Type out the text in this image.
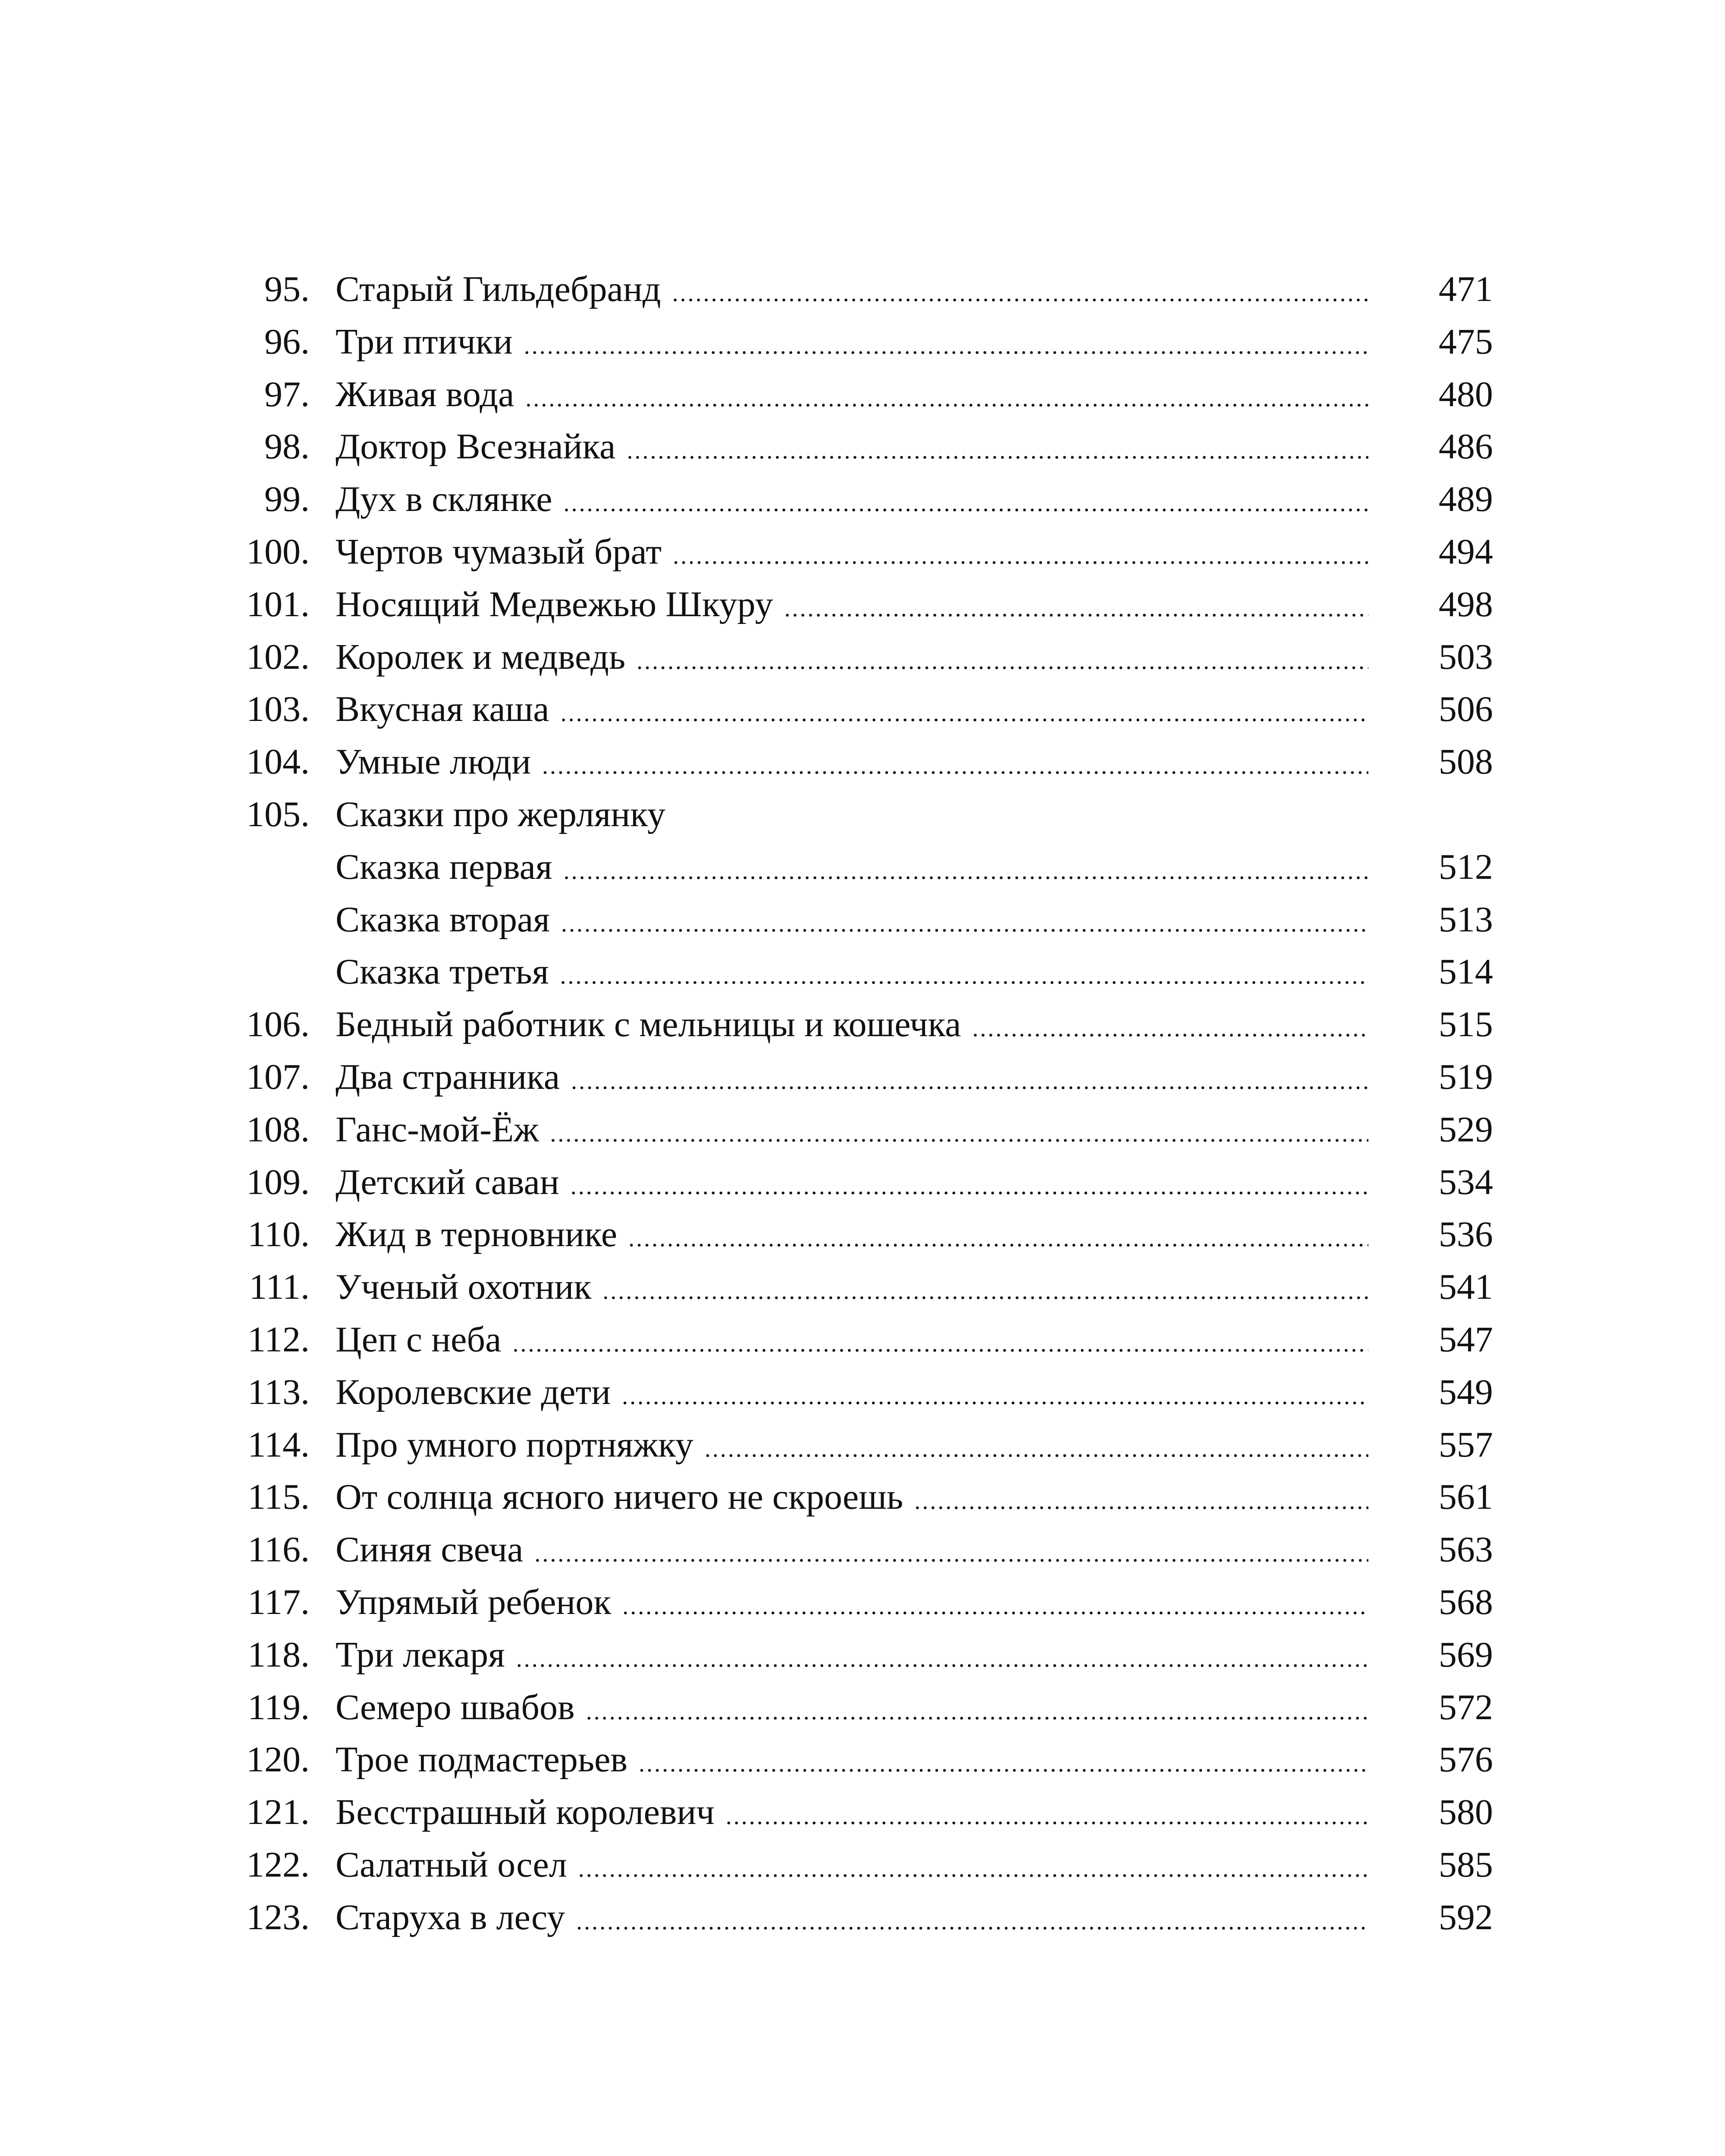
95. Старый Гильдебранд .....	471
96. Три птички .....	475
97. Живая вода .....	480
98. Доктор Всезнайка .....	486
99. Дух в склянке .....	489
100. Чертов чумазый брат .....	494
101. Носящий Медвежью Шкуру .....	498
102. Королек и медведь .....	503
103. Вкусная каша .....	506
104. Умные люди .....	508
105. Сказки про жерлянку
Сказка первая .....	512
Сказка вторая .....	513
Сказка третья .....	514
106. Бедный работник с мельницы и кошечка .....	515
107. Два странника .....	519
108. Ганс-мой-Ёж .....	529
109. Детский саван .....	534
110. Жид в терновнике .....	536
111. Ученый охотник .....	541
112. Цеп с неба .....	547
113. Королевские дети .....	549
114. Про умного портняжку .....	557
115. От солнца ясного ничего не скроешь .....	561
116. Синяя свеча .....	563
117. Упрямый ребенок .....	568
118. Три лекаря .....	569
119. Семеро швабов .....	572
120. Трое подмастерьев .....	576
121. Бесстрашный королевич .....	580
122. Салатный осел .....	585
123. Старуха в лесу .....	592
